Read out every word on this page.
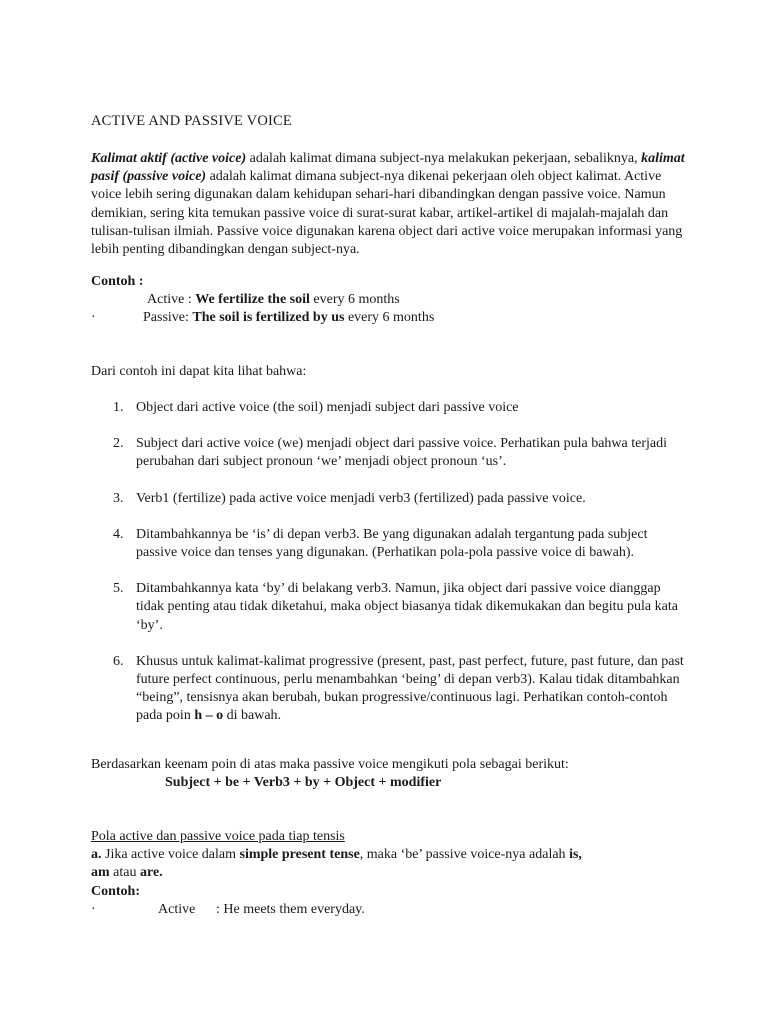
ACTIVE AND PASSIVE VOICE

Kalimat aktif (active voice) adalah kalimat dimana subject-nya melakukan pekerjaan, sebaliknya, kalimat pasif (passive voice) adalah kalimat dimana subject-nya dikenai pekerjaan oleh object kalimat. Active voice lebih sering digunakan dalam kehidupan sehari-hari dibandingkan dengan passive voice. Namun demikian, sering kita temukan passive voice di surat-surat kabar, artikel-artikel di majalah-majalah dan tulisan-tulisan ilmiah. Passive voice digunakan karena object dari active voice merupakan informasi yang lebih penting dibandingkan dengan subject-nya.

Contoh :
Active : We fertilize the soil every 6 months
·	Passive: The soil is fertilized by us every 6 months

Dari contoh ini dapat kita lihat bahwa:

1. Object dari active voice (the soil) menjadi subject dari passive voice
2. Subject dari active voice (we) menjadi object dari passive voice. Perhatikan pula bahwa terjadi perubahan dari subject pronoun ‘we’ menjadi object pronoun ‘us’.
3. Verb1 (fertilize) pada active voice menjadi verb3 (fertilized) pada passive voice.
4. Ditambahkannya be ‘is’ di depan verb3. Be yang digunakan adalah tergantung pada subject passive voice dan tenses yang digunakan. (Perhatikan pola-pola passive voice di bawah).
5. Ditambahkannya kata ‘by’ di belakang verb3. Namun, jika object dari passive voice dianggap tidak penting atau tidak diketahui, maka object biasanya tidak dikemukakan dan begitu pula kata ‘by’.
6. Khusus untuk kalimat-kalimat progressive (present, past, past perfect, future, past future, dan past future perfect continuous, perlu menambahkan ‘being’ di depan verb3). Kalau tidak ditambahkan “being”, tensisnya akan berubah, bukan progressive/continuous lagi. Perhatikan contoh-contoh pada poin h – o di bawah.

Berdasarkan keenam poin di atas maka passive voice mengikuti pola sebagai berikut:

Subject + be + Verb3 + by + Object + modifier

Pola active dan passive voice pada tiap tensis
a. Jika active voice dalam simple present tense, maka ‘be’ passive voice-nya adalah is,
am atau are.
Contoh:
·	Active : He meets them everyday.
